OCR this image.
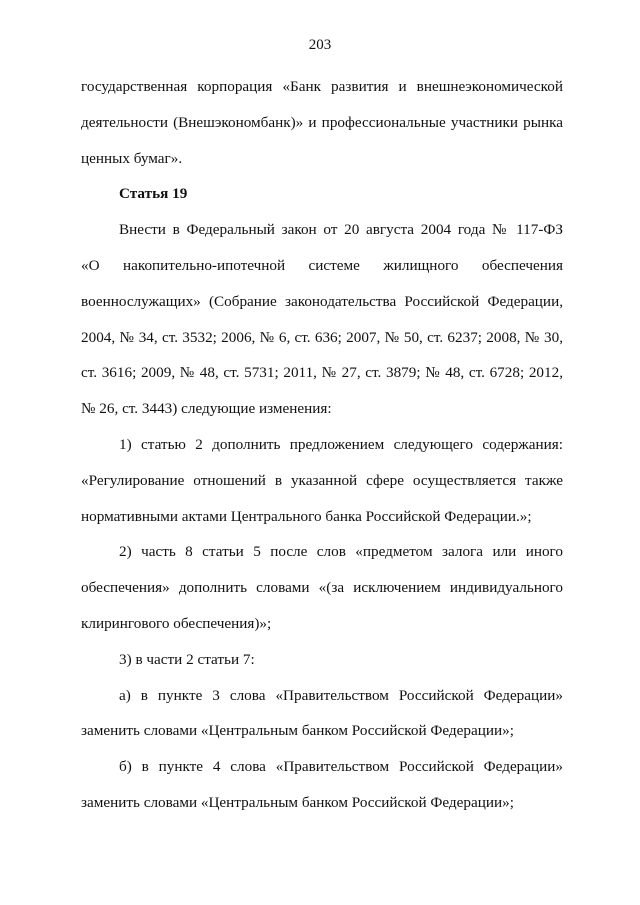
203

государственная корпорация «Банк развития и внешнеэкономической
деятельности (Внешэкономбанк)» и профессиональные участники рынка
ценных бумаг».

Статья 19

Внести в Федеральный закон от 20 августа 2004 года № 117-ФЗ
«О накопительно-ипотечной системе жилищного обеспечения
военнослужащих» (Собрание законодательства Российской Федерации,
2004, № 34, ст. 3532; 2006, № 6, ст. 636; 2007, № 50, ст. 6237; 2008, № 30,
ст. 3616; 2009, № 48, ст. 5731; 2011, № 27, ст. 3879; № 48, ст. 6728; 2012,
№ 26, ст. 3443) следующие изменения:

1) статью 2 дополнить предложением следующего содержания:
«Регулирование отношений в указанной сфере осуществляется также
нормативными актами Центрального банка Российской Федерации.»;

2) часть 8 статьи 5 после слов «предметом залога или иного
обеспечения» дополнить словами «(за исключением индивидуального
клирингового обеспечения)»;

3) в части 2 статьи 7:

а) в пункте 3 слова «Правительством Российской Федерации»
заменить словами «Центральным банком Российской Федерации»;

б) в пункте 4 слова «Правительством Российской Федерации»
заменить словами «Центральным банком Российской Федерации»;
